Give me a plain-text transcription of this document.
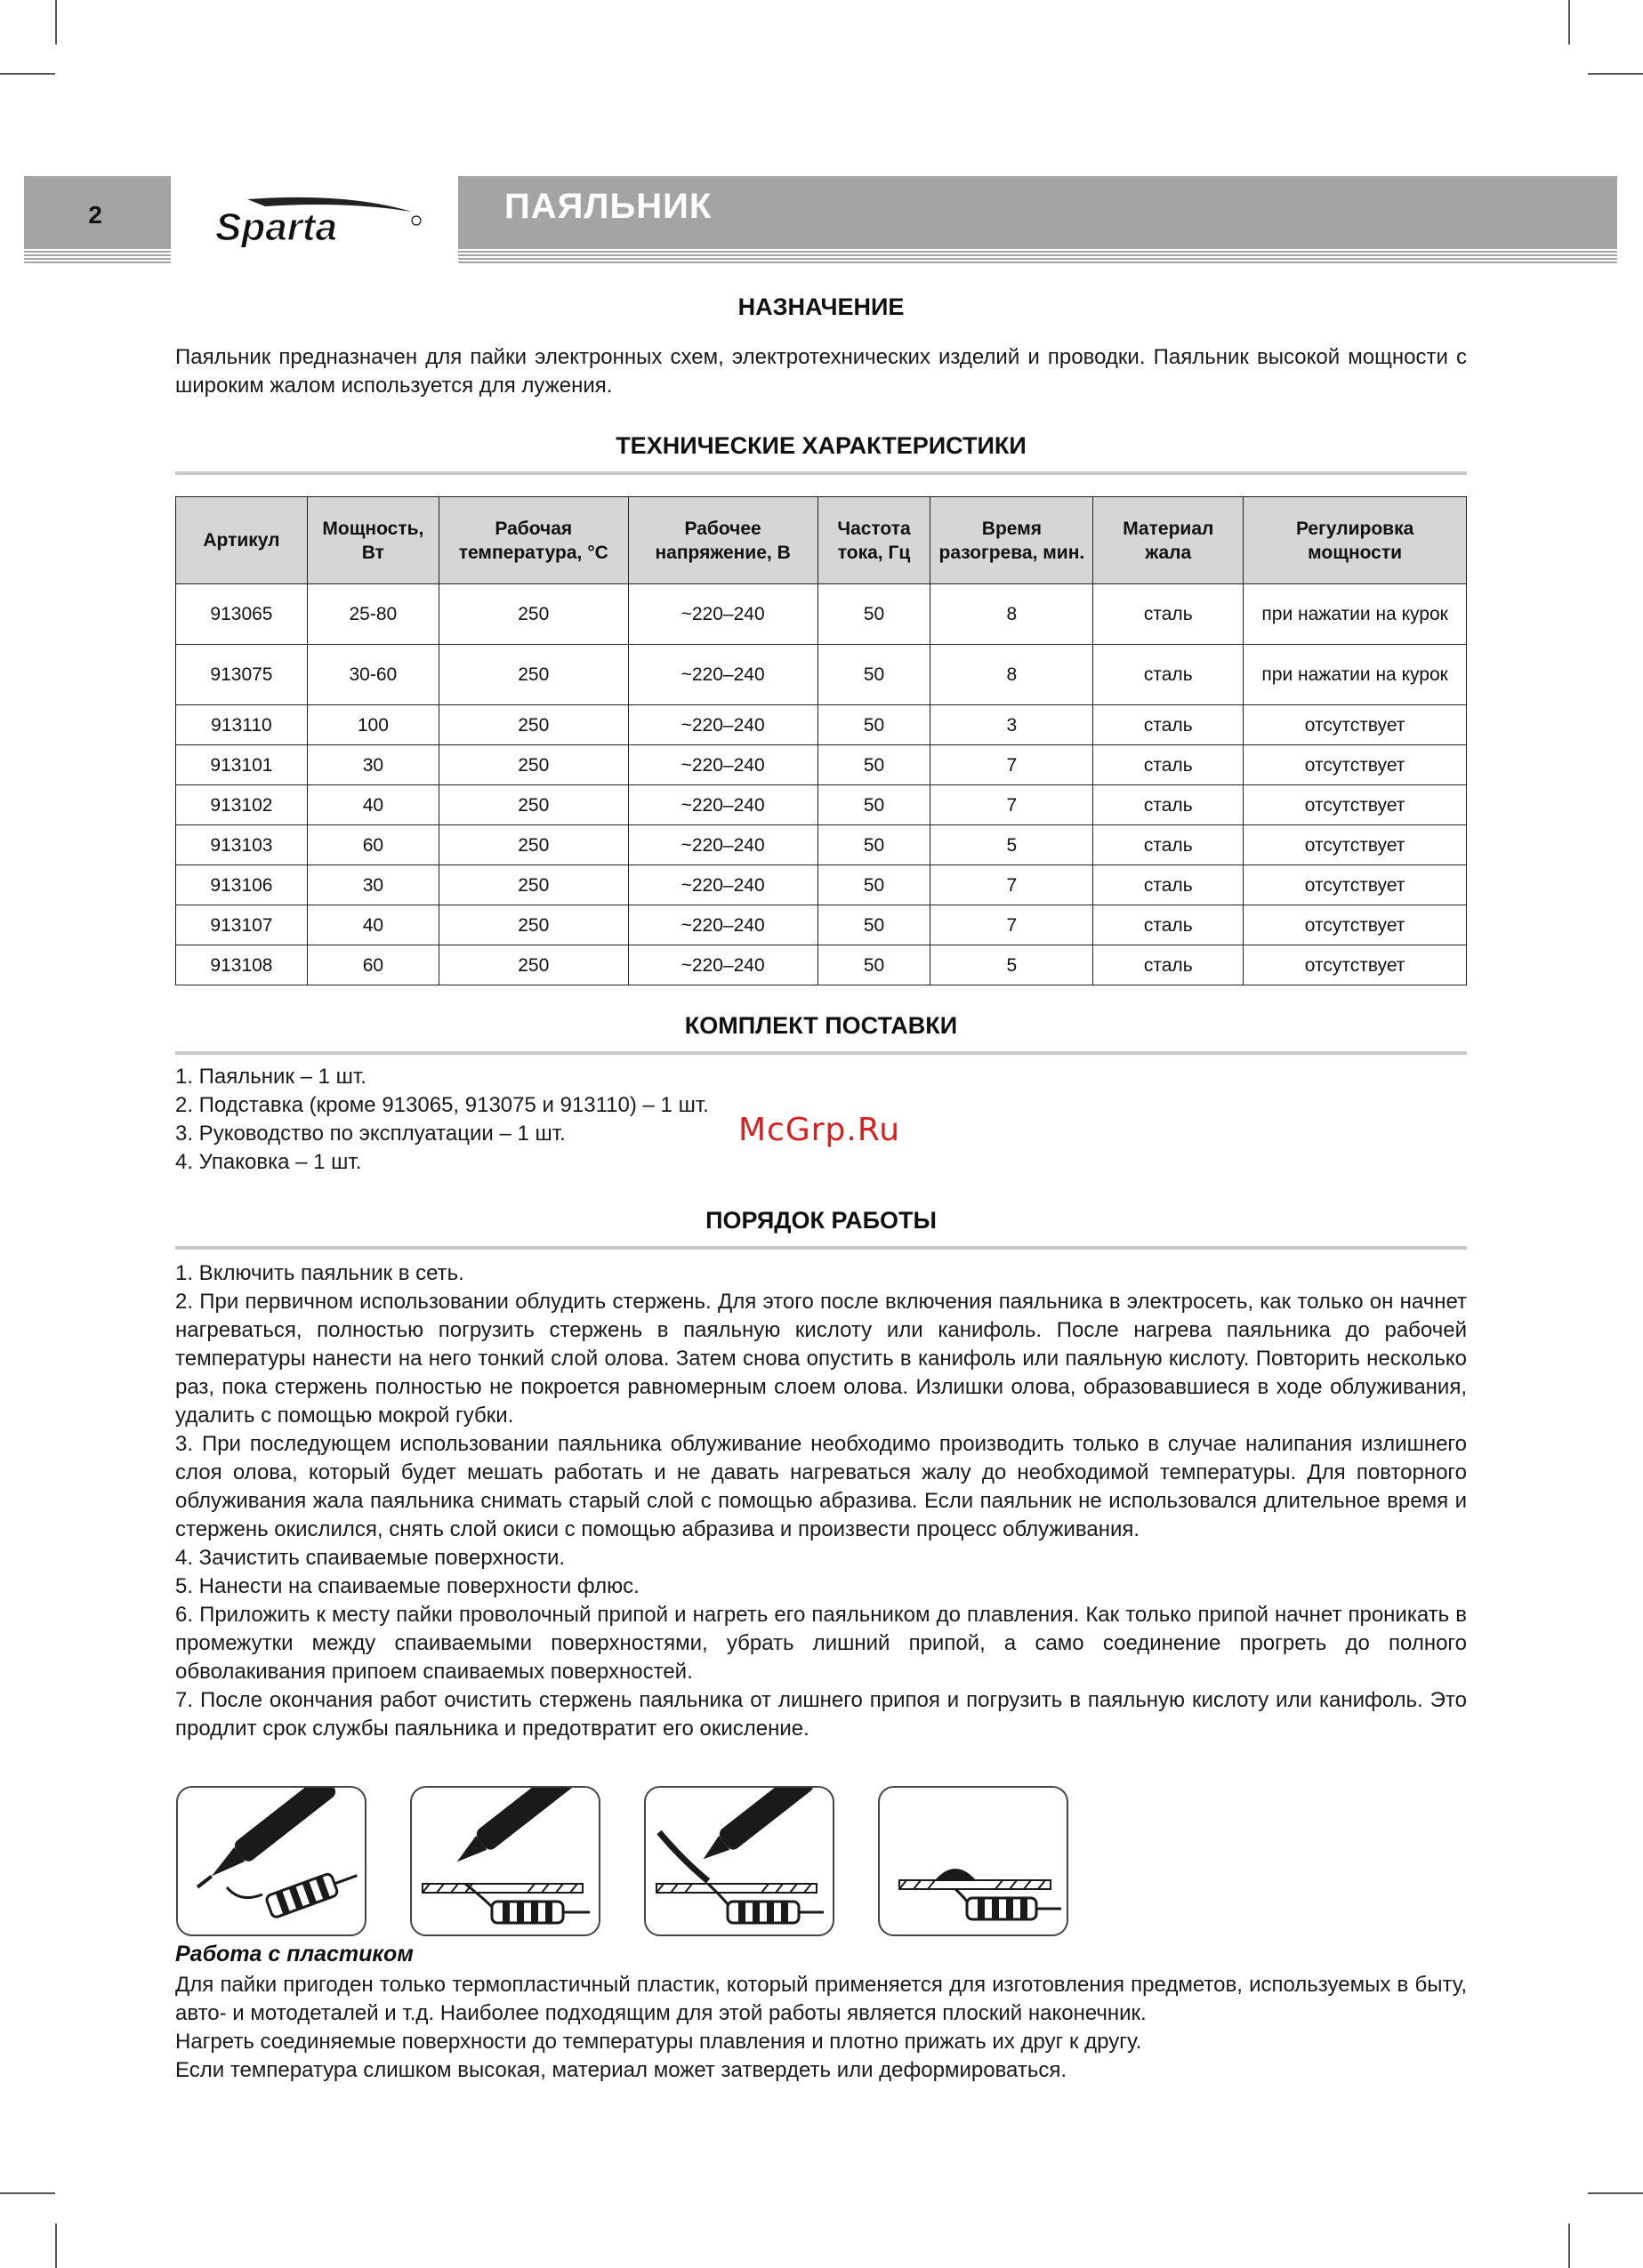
2	Sparta	ПАЯЛЬНИК
НАЗНАЧЕНИЕ

Паяльник предназначен для пайки электронных схем, электротехнических изделий и проводки. Паяльник высокой мощности с широким жалом используется для лужения.

ТЕХНИЧЕСКИЕ ХАРАКТЕРИСТИКИ
Артикул	Мощность, Вт	Рабочая температура, °C	Рабочее напряжение, В	Частота тока, Гц	Время разогрева, мин.	Материал жала	Регулировка мощности
913065	25-80	250	~220–240	50	8	сталь	при нажатии на курок
913075	30-60	250	~220–240	50	8	сталь	при нажатии на курок
913110	100	250	~220–240	50	3	сталь	отсутствует
913101	30	250	~220–240	50	7	сталь	отсутствует
913102	40	250	~220–240	50	7	сталь	отсутствует
913103	60	250	~220–240	50	5	сталь	отсутствует
913106	30	250	~220–240	50	7	сталь	отсутствует
913107	40	250	~220–240	50	7	сталь	отсутствует
913108	60	250	~220–240	50	5	сталь	отсутствует
КОМПЛЕКТ ПОСТАВКИ
1. Паяльник – 1 шт.
2. Подставка (кроме 913065, 913075 и 913110) – 1 шт.
3. Руководство по эксплуатации – 1 шт.
4. Упаковка – 1 шт.
McGrp.Ru
ПОРЯДОК РАБОТЫ

1. Включить паяльник в сеть.

2. При первичном использовании облудить стержень. Для этого после включения паяльника в электросеть, как только он начнет нагреваться, полностью погрузить стержень в паяльную кислоту или канифоль. После нагрева паяльника до рабочей температуры нанести на него тонкий слой олова. Затем снова опустить в канифоль или паяльную кислоту. Повторить несколько раз, пока стержень полностью не покроется равномерным слоем олова. Излишки олова, образовавшиеся в ходе облуживания, удалить с помощью мокрой губки.

3. При последующем использовании паяльника облуживание необходимо производить только в случае налипания излишнего слоя олова, который будет мешать работать и не давать нагреваться жалу до необходимой температуры. Для повторного облуживания жала паяльника снимать старый слой с помощью абразива. Если паяльник не использовался длительное время и стержень окислился, снять слой окиси с помощью абразива и произвести процесс облуживания.

4. Зачистить спаиваемые поверхности.

5. Нанести на спаиваемые поверхности флюс.

6. Приложить к месту пайки проволочный припой и нагреть его паяльником до плавления. Как только припой начнет проникать в промежутки между спаиваемыми поверхностями, убрать лишний припой, а само соединение прогреть до полного обволакивания припоем спаиваемых поверхностей.

7. После окончания работ очистить стержень паяльника от лишнего припоя и погрузить в паяльную кислоту или канифоль. Это продлит срок службы паяльника и предотвратит его окисление.

Работа с пластиком

Для пайки пригоден только термопластичный пластик, который применяется для изготовления предметов, используемых в быту, авто- и мотодеталей и т.д. Наиболее подходящим для этой работы является плоский наконечник.

Нагреть соединяемые поверхности до температуры плавления и плотно прижать их друг к другу.

Если температура слишком высокая, материал может затвердеть или деформироваться.
